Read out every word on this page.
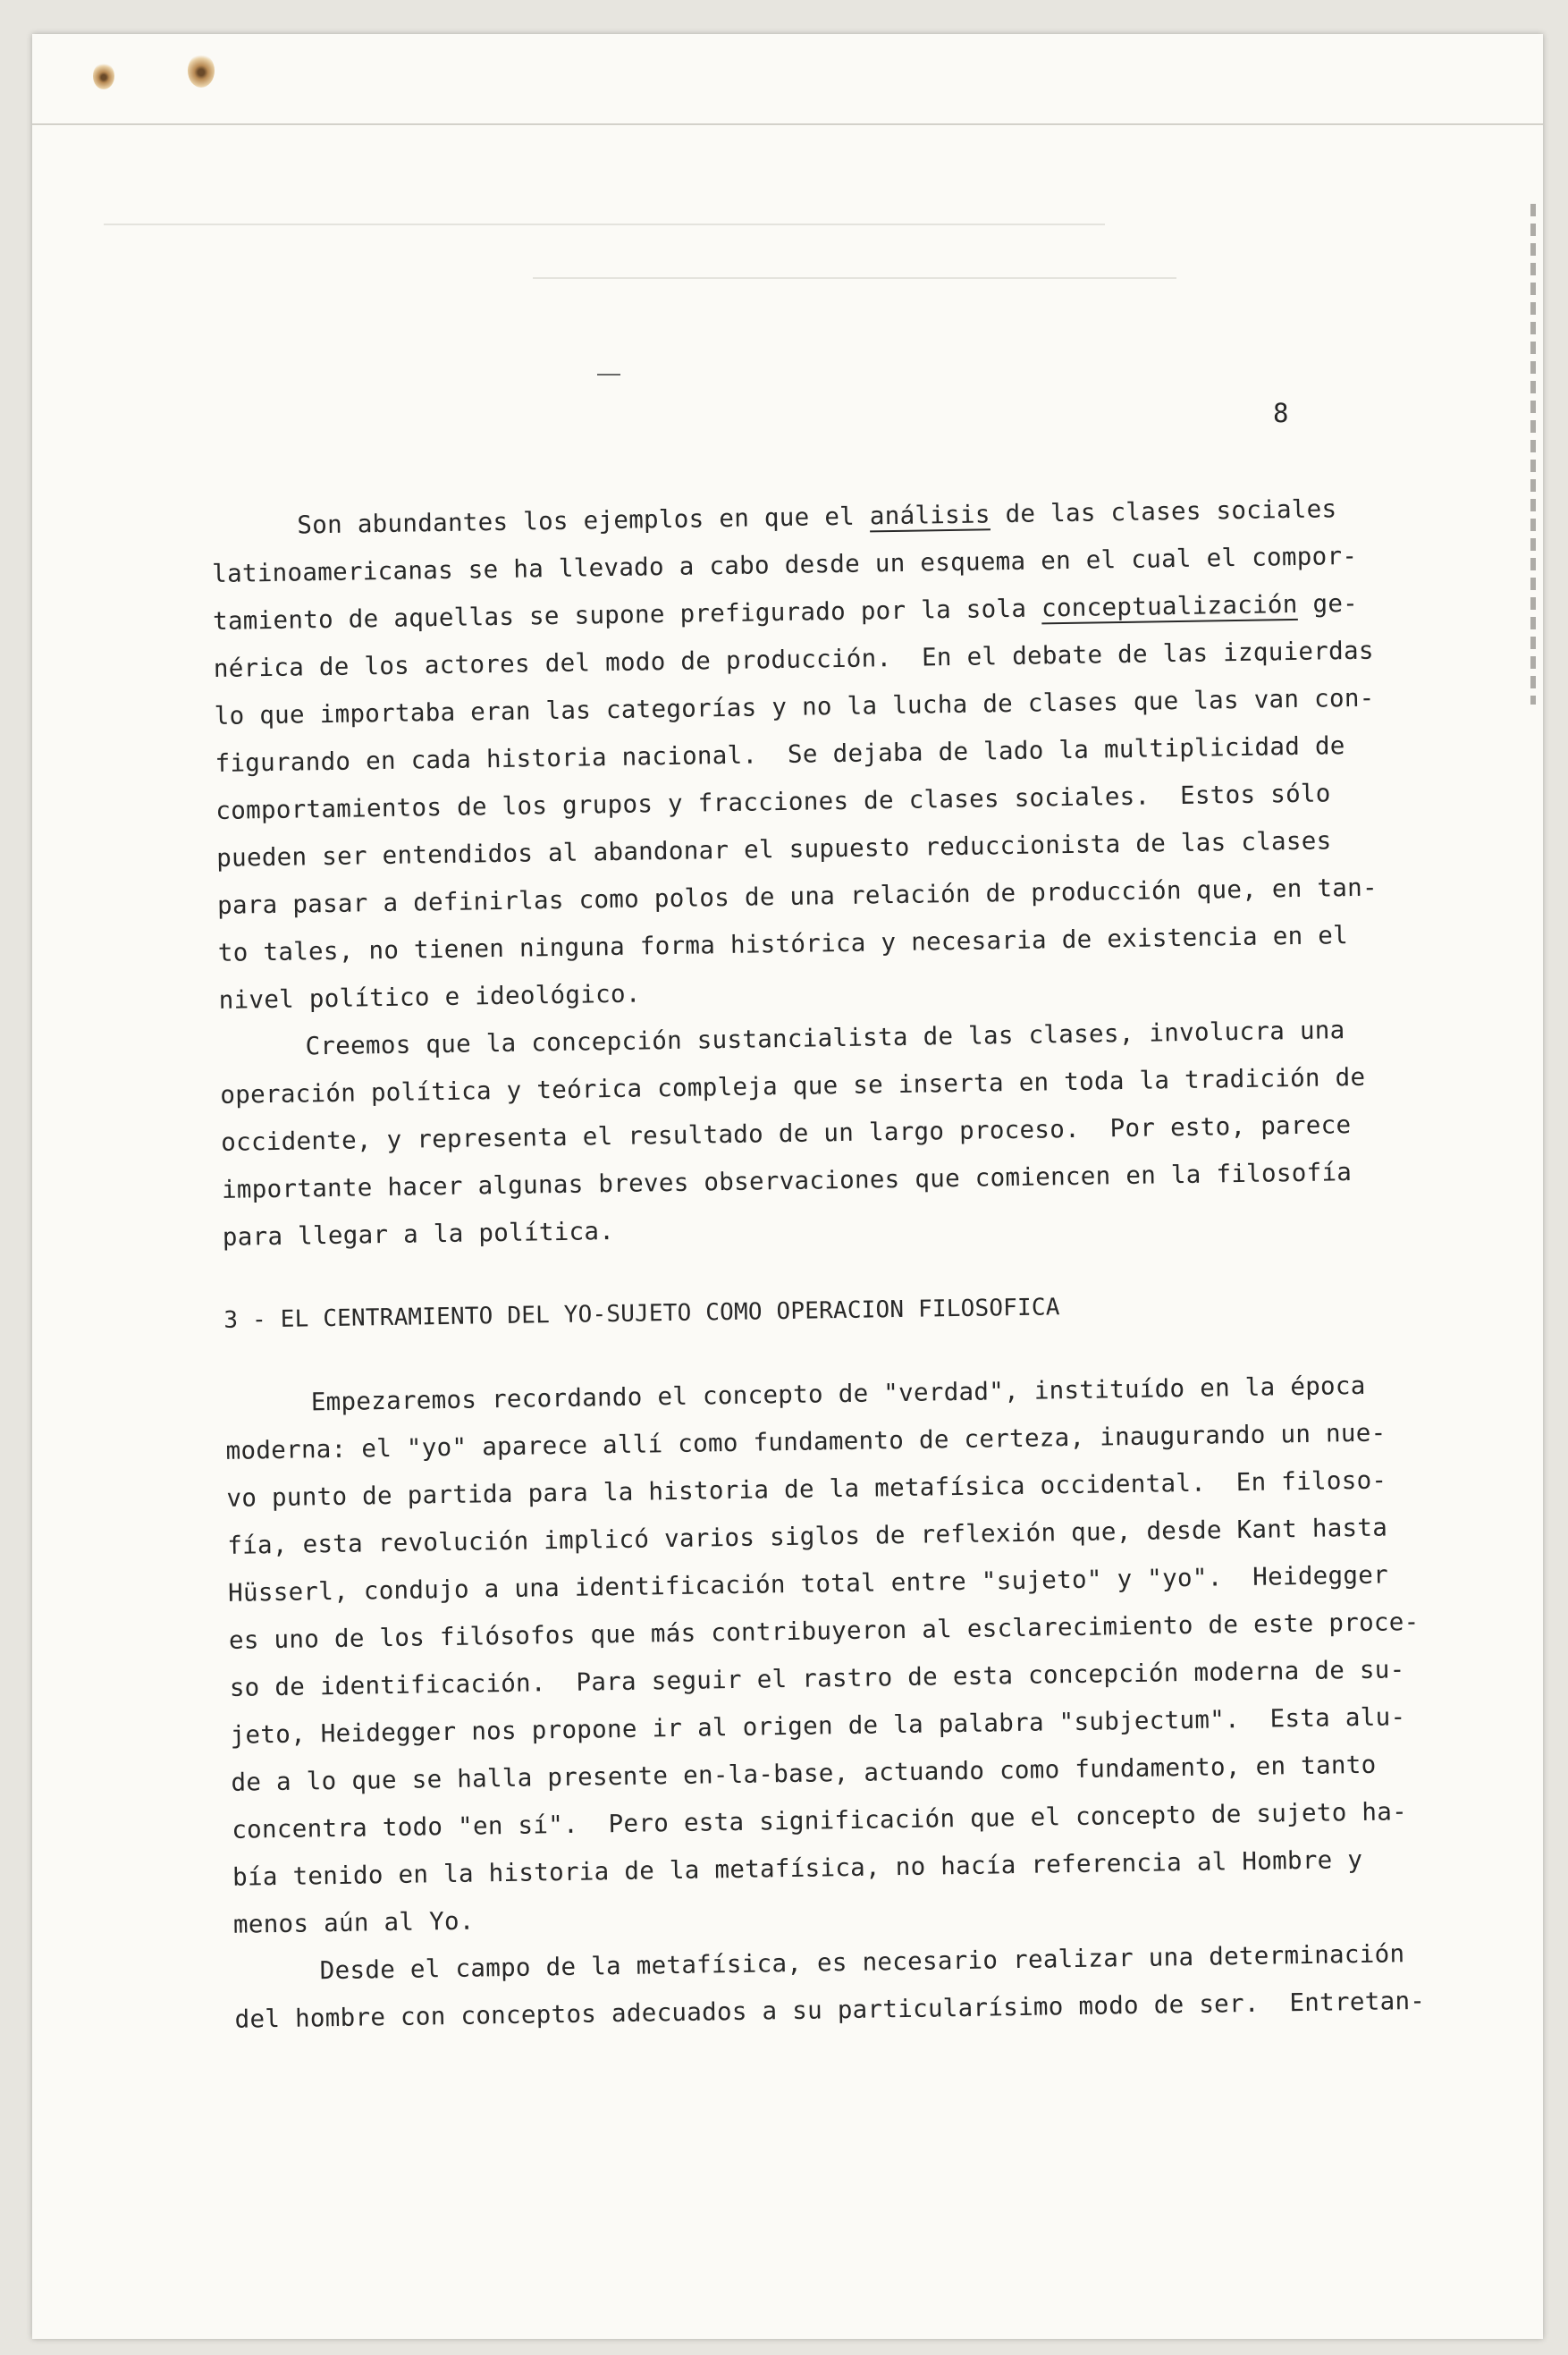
8
Son abundantes los ejemplos en que el análisis de las clases sociales
latinoamericanas se ha llevado a cabo desde un esquema en el cual el compor-
tamiento de aquellas se supone prefigurado por la sola conceptualización ge-
nérica de los actores del modo de producción.  En el debate de las izquierdas
lo que importaba eran las categorías y no la lucha de clases que las van con-
figurando en cada historia nacional.  Se dejaba de lado la multiplicidad de
comportamientos de los grupos y fracciones de clases sociales.  Estos sólo
pueden ser entendidos al abandonar el supuesto reduccionista de las clases
para pasar a definirlas como polos de una relación de producción que, en tan-
to tales, no tienen ninguna forma histórica y necesaria de existencia en el
nivel político e ideológico.
Creemos que la concepción sustancialista de las clases, involucra una
operación política y teórica compleja que se inserta en toda la tradición de
occidente, y representa el resultado de un largo proceso.  Por esto, parece
importante hacer algunas breves observaciones que comiencen en la filosofía
para llegar a la política.
3 - EL CENTRAMIENTO DEL YO-SUJETO COMO OPERACION FILOSOFICA
Empezaremos recordando el concepto de "verdad", instituído en la época
moderna: el "yo" aparece allí como fundamento de certeza, inaugurando un nue-
vo punto de partida para la historia de la metafísica occidental.  En filoso-
fía, esta revolución implicó varios siglos de reflexión que, desde Kant hasta
Hüsserl, condujo a una identificación total entre "sujeto" y "yo".  Heidegger
es uno de los filósofos que más contribuyeron al esclarecimiento de este proce-
so de identificación.  Para seguir el rastro de esta concepción moderna de su-
jeto, Heidegger nos propone ir al origen de la palabra "subjectum".  Esta alu-
de a lo que se halla presente en-la-base, actuando como fundamento, en tanto
concentra todo "en sí".  Pero esta significación que el concepto de sujeto ha-
bía tenido en la historia de la metafísica, no hacía referencia al Hombre y
menos aún al Yo.
Desde el campo de la metafísica, es necesario realizar una determinación
del hombre con conceptos adecuados a su particularísimo modo de ser.  Entretan-
